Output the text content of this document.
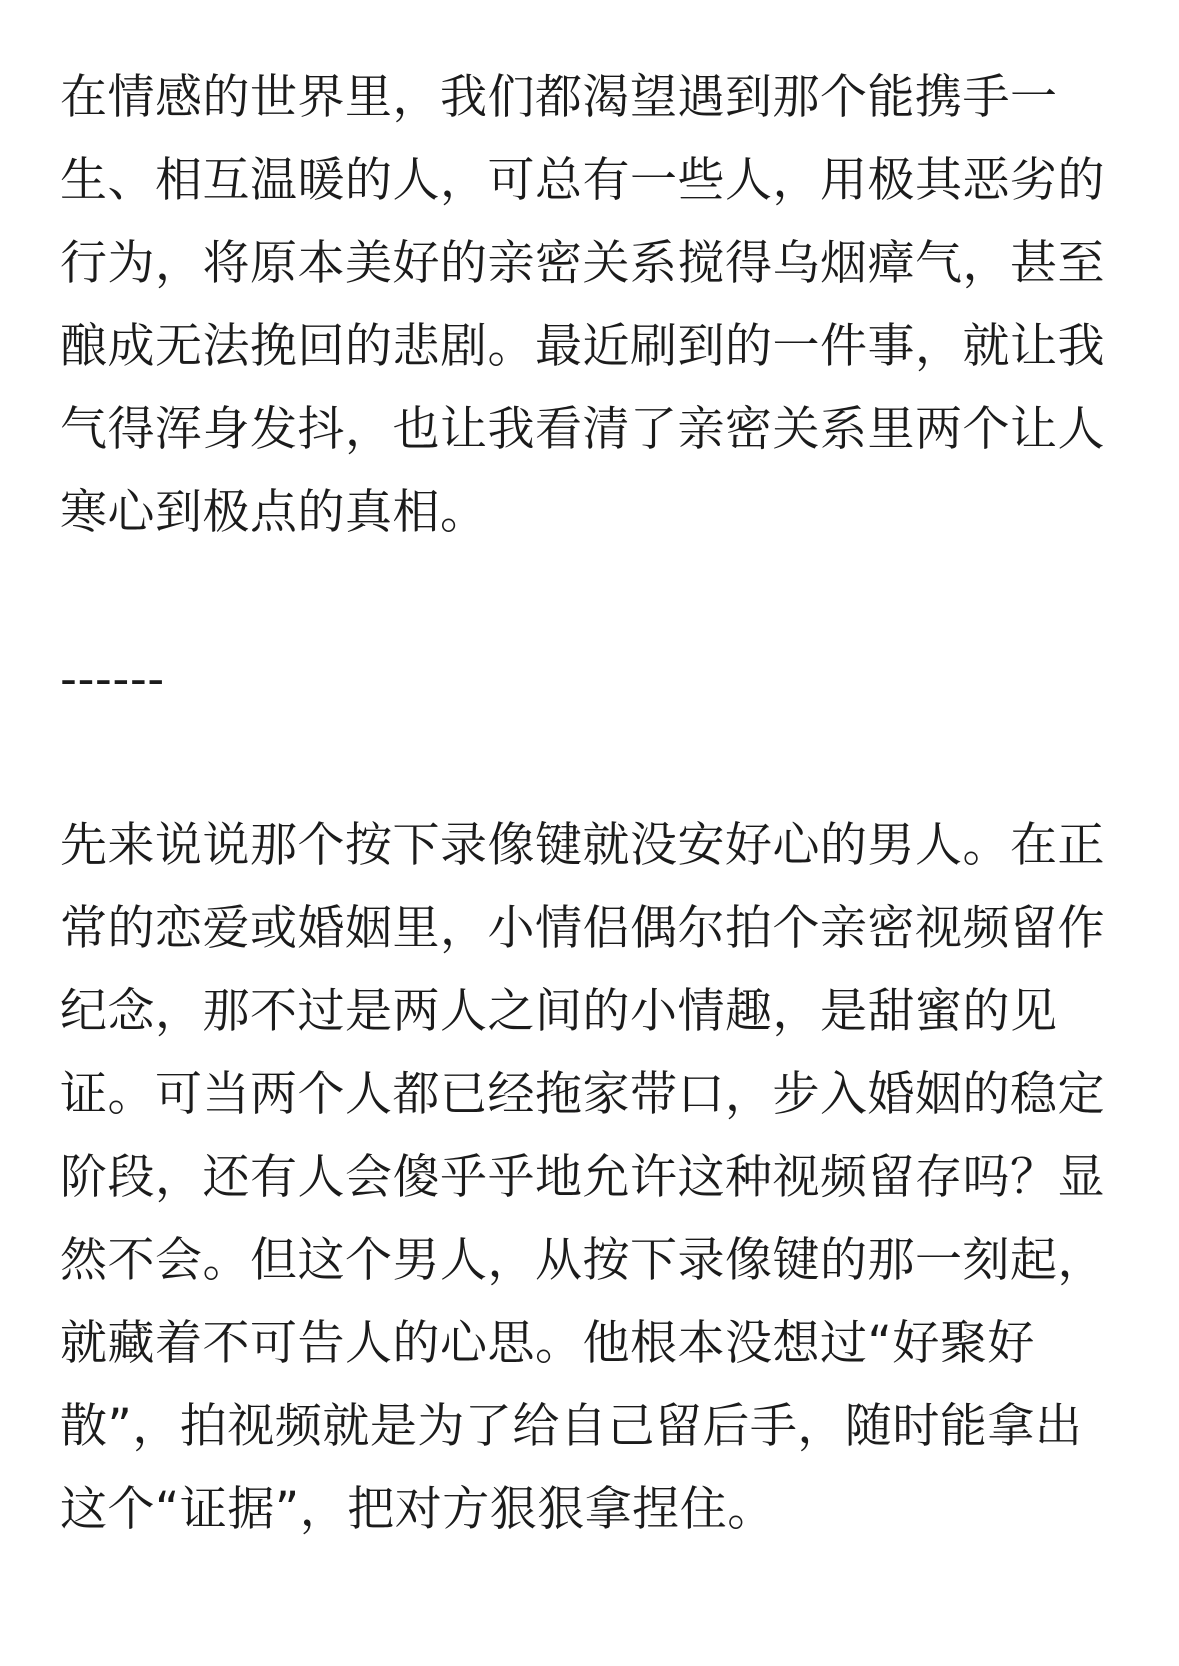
在情感的世界里，我们都渴望遇到那个能携手一生、相互温暖的人，可总有一些人，用极其恶劣的行为，将原本美好的亲密关系搅得乌烟瘴气，甚至酿成无法挽回的悲剧。最近刷到的一件事，就让我气得浑身发抖，也让我看清了亲密关系里两个让人寒心到极点的真相。

------

先来说说那个按下录像键就没安好心的男人。在正常的恋爱或婚姻里，小情侣偶尔拍个亲密视频留作纪念，那不过是两人之间的小情趣，是甜蜜的见证。可当两个人都已经拖家带口，步入婚姻的稳定阶段，还有人会傻乎乎地允许这种视频留存吗？显然不会。但这个男人，从按下录像键的那一刻起，就藏着不可告人的心思。他根本没想过“好聚好散”，拍视频就是为了给自己留后手，随时能拿出这个“证据”，把对方狠狠拿捏住。
